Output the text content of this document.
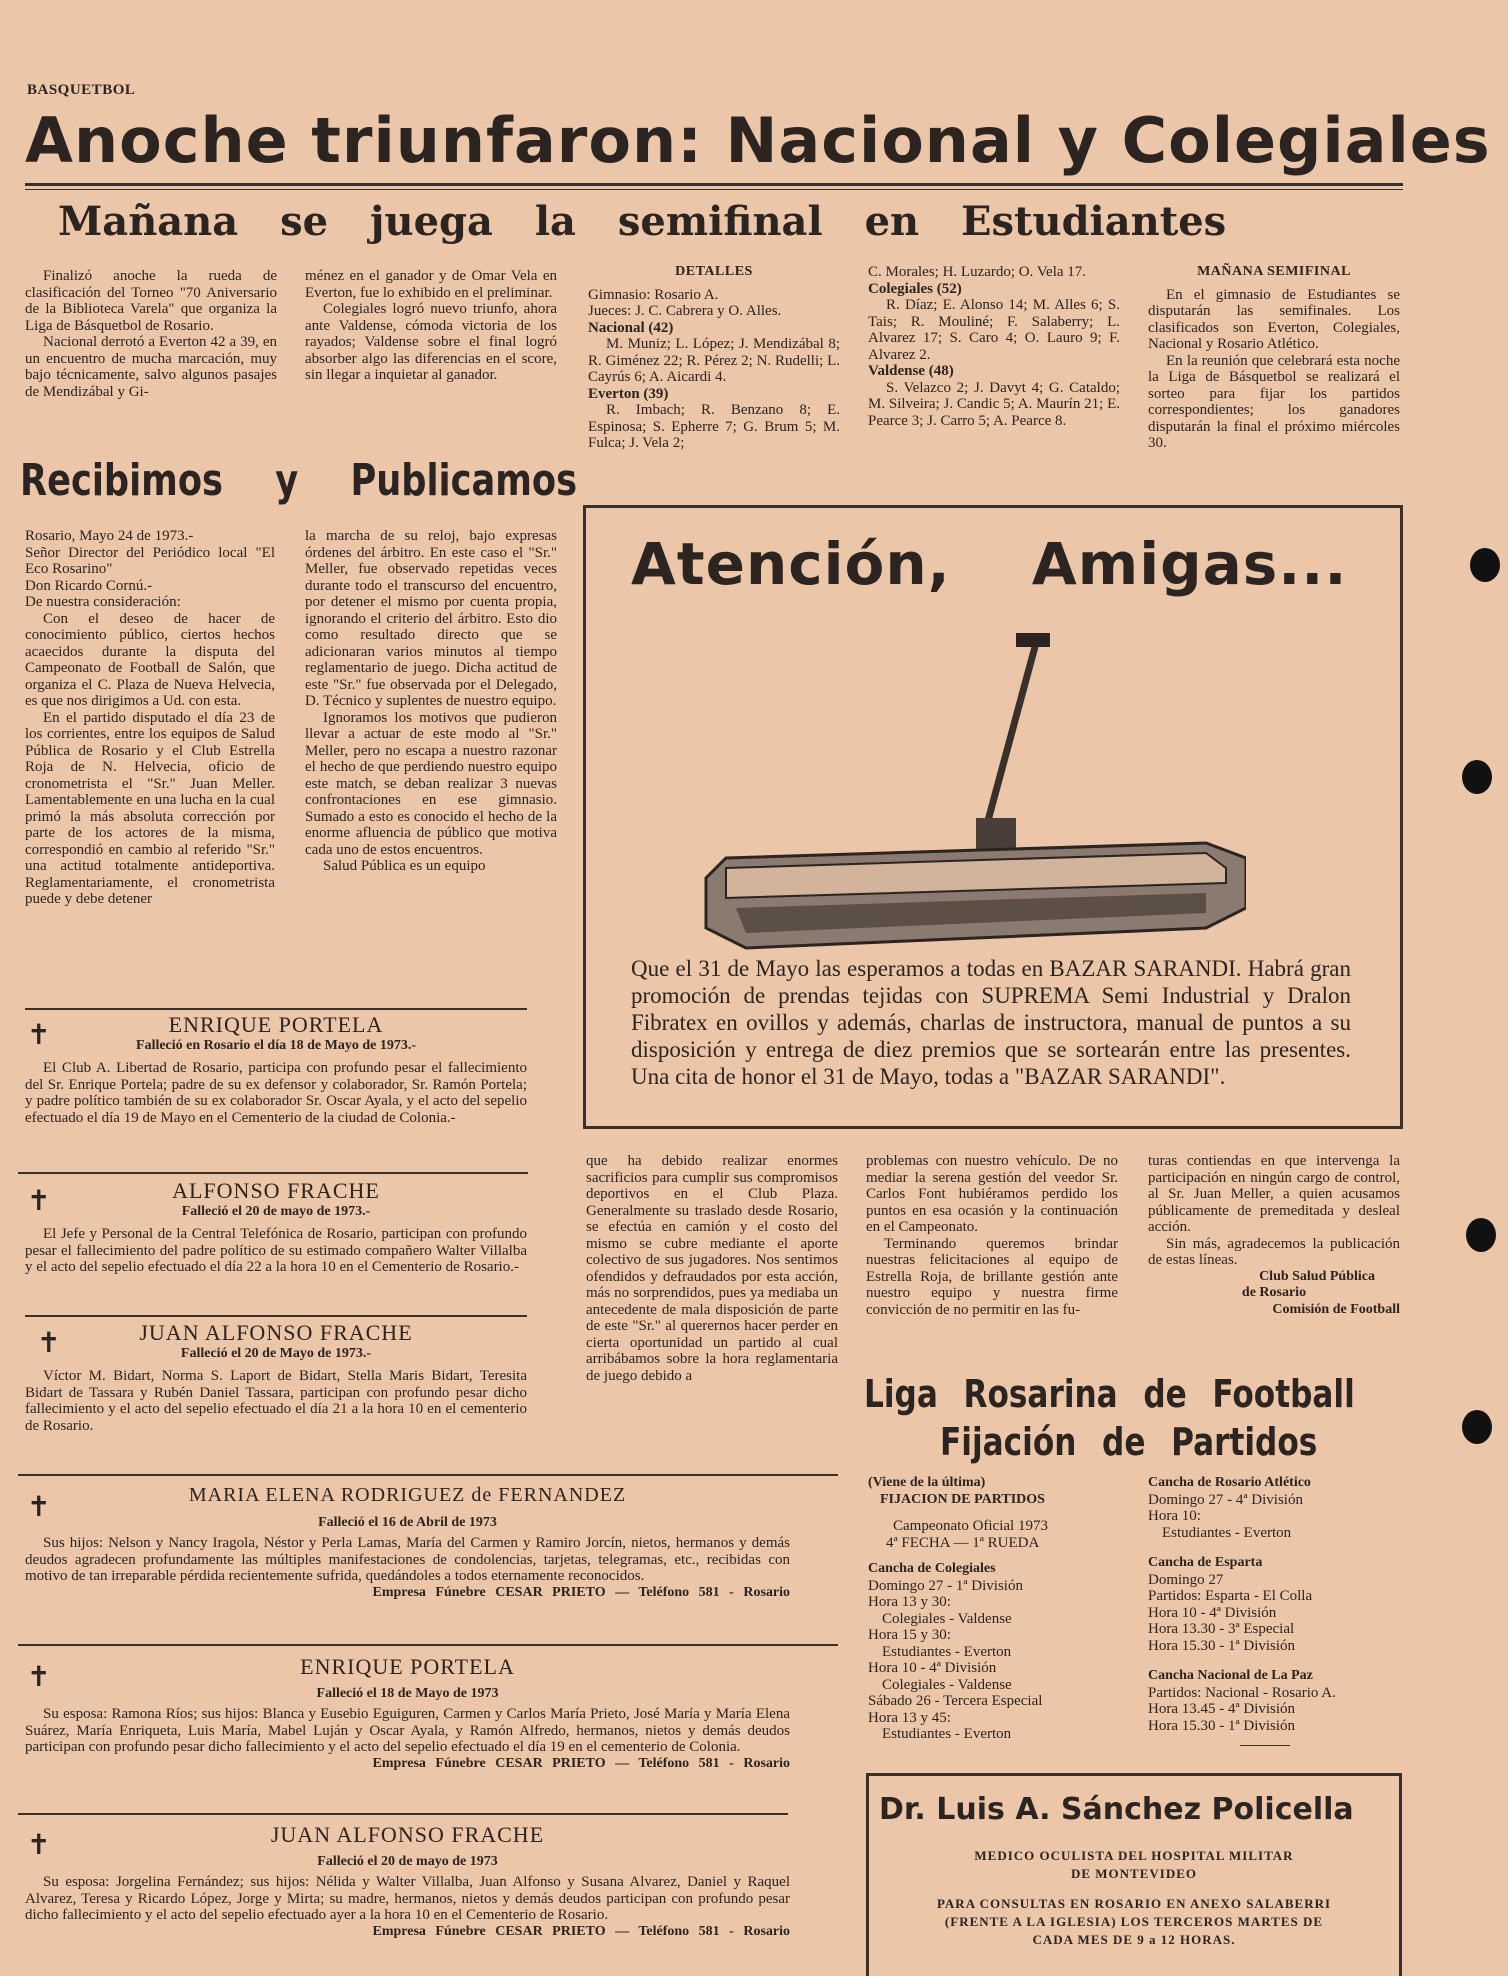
BASQUETBOL
Anoche triunfaron: Nacional y Colegiales
Mañana se juega la semifinal en Estudiantes

Finalizó anoche la rueda de clasificación del Torneo "70 Aniversario de la Biblioteca Varela" que organiza la Liga de Básquetbol de Rosario.

Nacional derrotó a Everton 42 a 39, en un encuentro de mucha marcación, muy bajo técnicamente, salvo algunos pasajes de Mendizábal y Gi-

ménez en el ganador y de Omar Vela en Everton, fue lo exhibido en el preliminar.

Colegiales logró nuevo triunfo, ahora ante Valdense, cómoda victoria de los rayados; Valdense sobre el final logró absorber algo las diferencias en el score, sin llegar a inquietar al ganador.

DETALLES
Gimnasio: Rosario A.
Jueces: J. C. Cabrera y O. Alles.
Nacional (42)

M. Muniz; L. López; J. Mendizábal 8; R. Giménez 22; R. Pérez 2; N. Rudelli; L. Cayrús 6; A. Aicardi 4.

Everton (39)

R. Imbach; R. Benzano 8; E. Espinosa; S. Epherre 7; G. Brum 5; M. Fulca; J. Vela 2;

C. Morales; H. Luzardo; O. Vela 17.

Colegiales (52)

R. Díaz; E. Alonso 14; M. Alles 6; S. Tais; R. Mouliné; F. Salaberry; L. Alvarez 17; S. Caro 4; O. Lauro 9; F. Alvarez 2.

Valdense (48)

S. Velazco 2; J. Davyt 4; G. Cataldo; M. Silveira; J. Candic 5; A. Maurín 21; E. Pearce 3; J. Carro 5; A. Pearce 8.

MAÑANA SEMIFINAL

En el gimnasio de Estudiantes se disputarán las semifinales. Los clasificados son Everton, Colegiales, Nacional y Rosario Atlético.

En la reunión que celebrará esta noche la Liga de Básquetbol se realizará el sorteo para fijar los partidos correspondientes; los ganadores disputarán la final el próximo miércoles 30.

Recibimos y Publicamos
Rosario, Mayo 24 de 1973.-
Señor Director del Periódico local "El Eco Rosarino"
Don Ricardo Cornú.-
De nuestra consideración:

Con el deseo de hacer de conocimiento público, ciertos hechos acaecidos durante la disputa del Campeonato de Football de Salón, que organiza el C. Plaza de Nueva Helvecia, es que nos dirigimos a Ud. con esta.

En el partido disputado el día 23 de los corrientes, entre los equipos de Salud Pública de Rosario y el Club Estrella Roja de N. Helvecia, oficio de cronometrista el "Sr." Juan Meller. Lamentablemente en una lucha en la cual primó la más absoluta corrección por parte de los actores de la misma, correspondió en cambio al referido "Sr." una actitud totalmente antideportiva. Reglamentariamente, el cronometrista puede y debe detener

la marcha de su reloj, bajo expresas órdenes del árbitro. En este caso el "Sr." Meller, fue observado repetidas veces durante todo el transcurso del encuentro, por detener el mismo por cuenta propia, ignorando el criterio del árbitro. Esto dio como resultado directo que se adicionaran varios minutos al tiempo reglamentario de juego. Dicha actitud de este "Sr." fue observada por el Delegado, D. Técnico y suplentes de nuestro equipo.

Ignoramos los motivos que pudieron llevar a actuar de este modo al "Sr." Meller, pero no escapa a nuestro razonar el hecho de que perdiendo nuestro equipo este match, se deban realizar 3 nuevas confrontaciones en ese gimnasio. Sumado a esto es conocido el hecho de la enorme afluencia de público que motiva cada uno de estos encuentros.

Salud Pública es un equipo

Atención, Amigas...
Que el 31 de Mayo las esperamos a todas en BAZAR SARANDI. Habrá gran promoción de prendas tejidas con SUPREMA Semi Industrial y Dralon Fibratex en ovillos y además, charlas de instructora, manual de puntos a su disposición y entrega de diez premios que se sortearán entre las presentes. Una cita de honor el 31 de Mayo, todas a "BAZAR SARANDI".

que ha debido realizar enormes sacrificios para cumplir sus compromisos deportivos en el Club Plaza. Generalmente su traslado desde Rosario, se efectúa en camión y el costo del mismo se cubre mediante el aporte colectivo de sus jugadores. Nos sentimos ofendidos y defraudados por esta acción, más no sorprendidos, pues ya mediaba un antecedente de mala disposición de parte de este "Sr." al querernos hacer perder en cierta oportunidad un partido al cual arribábamos sobre la hora reglamentaria de juego debido a

problemas con nuestro vehículo. De no mediar la serena gestión del veedor Sr. Carlos Font hubiéramos perdido los puntos en esa ocasión y la continuación en el Campeonato.

Terminando queremos brindar nuestras felicitaciones al equipo de Estrella Roja, de brillante gestión ante nuestro equipo y nuestra firme convicción de no permitir en las fu-

turas contiendas en que intervenga la participación en ningún cargo de control, al Sr. Juan Meller, a quien acusamos públicamente de premeditada y desleal acción.

Sin más, agradecemos la publicación de estas líneas.

Club Salud Pública
de Rosario
Comisión de Football
✝	ENRIQUE PORTELA
Falleció en Rosario el día 18 de Mayo de 1973.-

El Club A. Libertad de Rosario, participa con profundo pesar el fallecimiento del Sr. Enrique Portela; padre de su ex defensor y colaborador, Sr. Ramón Portela; y padre político también de su ex colaborador Sr. Oscar Ayala, y el acto del sepelio efectuado el día 19 de Mayo en el Cementerio de la ciudad de Colonia.-

✝	ALFONSO FRACHE
Falleció el 20 de mayo de 1973.-

El Jefe y Personal de la Central Telefónica de Rosario, participan con profundo pesar el fallecimiento del padre político de su estimado compañero Walter Villalba y el acto del sepelio efectuado el día 22 a la hora 10 en el Cementerio de Rosario.-

✝	JUAN ALFONSO FRACHE
Falleció el 20 de Mayo de 1973.-

Víctor M. Bidart, Norma S. Laport de Bidart, Stella Maris Bidart, Teresita Bidart de Tassara y Rubén Daniel Tassara, participan con profundo pesar dicho fallecimiento y el acto del sepelio efectuado el día 21 a la hora 10 en el cementerio de Rosario.

✝	MARIA ELENA RODRIGUEZ de FERNANDEZ
Falleció el 16 de Abril de 1973

Sus hijos: Nelson y Nancy Iragola, Néstor y Perla Lamas, María del Carmen y Ramiro Jorcín, nietos, hermanos y demás deudos agradecen profundamente las múltiples manifestaciones de condolencias, tarjetas, telegramas, etc., recibidas con motivo de tan irreparable pérdida recientemente sufrida, quedándoles a todos eternamente reconocidos.

Empresa Fúnebre CESAR PRIETO — Teléfono 581 - Rosario
✝	ENRIQUE PORTELA
Falleció el 18 de Mayo de 1973

Su esposa: Ramona Ríos; sus hijos: Blanca y Eusebio Eguiguren, Carmen y Carlos María Prieto, José María y María Elena Suárez, María Enriqueta, Luis María, Mabel Luján y Oscar Ayala, y Ramón Alfredo, hermanos, nietos y demás deudos participan con profundo pesar dicho fallecimiento y el acto del sepelio efectuado el día 19 en el cementerio de Colonia.

Empresa Fúnebre CESAR PRIETO — Teléfono 581 - Rosario
✝	JUAN ALFONSO FRACHE
Falleció el 20 de mayo de 1973

Su esposa: Jorgelina Fernández; sus hijos: Nélida y Walter Villalba, Juan Alfonso y Susana Alvarez, Daniel y Raquel Alvarez, Teresa y Ricardo López, Jorge y Mirta; su madre, hermanos, nietos y demás deudos participan con profundo pesar dicho fallecimiento y el acto del sepelio efectuado ayer a la hora 10 en el Cementerio de Rosario.

Empresa Fúnebre CESAR PRIETO — Teléfono 581 - Rosario
Liga Rosarina de Football
Fijación de Partidos
(Viene de la última)
FIJACION DE PARTIDOS
Campeonato Oficial 1973
4ª FECHA — 1ª RUEDA
Cancha de Colegiales
Domingo 27 - 1ª División
Hora 13 y 30:
Colegiales - Valdense
Hora 15 y 30:
Estudiantes - Everton
Hora 10 - 4ª División
Colegiales - Valdense
Sábado 26 - Tercera Especial
Hora 13 y 45:
Estudiantes - Everton
Cancha de Rosario Atlético
Domingo 27 - 4ª División
Hora 10:
Estudiantes - Everton
Cancha de Esparta
Domingo 27
Partidos: Esparta - El Colla
Hora 10 - 4ª División
Hora 13.30 - 3ª Especial
Hora 15.30 - 1ª División
Cancha Nacional de La Paz
Partidos: Nacional - Rosario A.
Hora 13.45 - 4ª División
Hora 15.30 - 1ª División
Dr. Luis A. Sánchez Policella
MEDICO OCULISTA DEL HOSPITAL MILITAR
DE MONTEVIDEO
PARA CONSULTAS EN ROSARIO EN ANEXO SALABERRI
(FRENTE A LA IGLESIA) LOS TERCEROS MARTES DE
CADA MES DE 9 a 12 HORAS.
